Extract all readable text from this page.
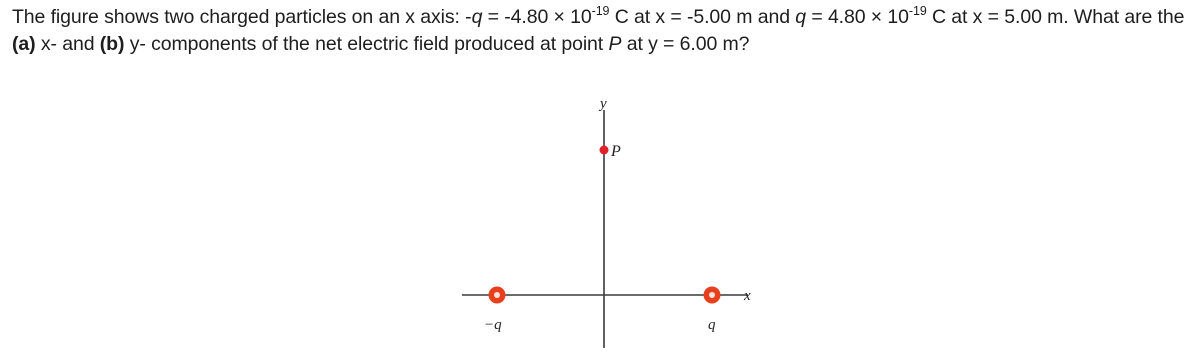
The figure shows two charged particles on an x axis: $-q = -4.80 \times 10^{-19}$ C at x = -5.00 m and $q = 4.80 \times 10^{-19}$ C at x = 5.00 m. What are the (a) x- and (b) y- components of the net electric field produced at point P at y = 6.00 m?
y
x
P
−q	q
